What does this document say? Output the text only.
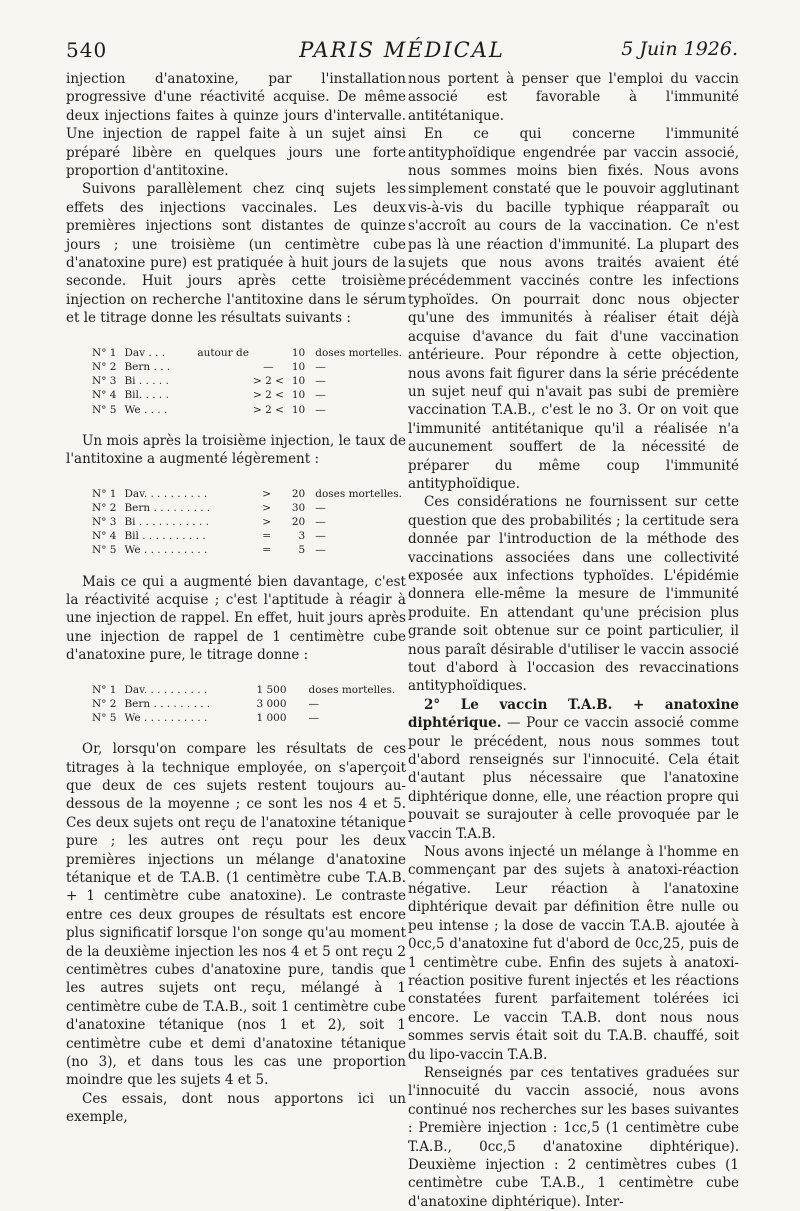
540	PARIS MÉDICAL	5 Juin 1926.

injection d'anatoxine, par l'installation progressive d'une réactivité acquise. De même deux injections faites à quinze jours d'intervalle. Une injection de rappel faite à un sujet ainsi préparé libère en quelques jours une forte proportion d'antitoxine.

Suivons parallèlement chez cinq sujets les effets des injections vaccinales. Les deux premières injections sont distantes de quinze jours ; une troisième (un centimètre cube d'anatoxine pure) est pratiquée à huit jours de la seconde. Huit jours après cette troisième injection on recherche l'antitoxine dans le sérum et le titrage donne les résultats suivants :

N° 1	Dav . . .	autour de		10	doses mortelles.
N° 2	Bern . . .		—	10	—
N° 3	Bi . . . . .		> 2 <	10	—
N° 4	Bil. . . . .		> 2 <	10	—
N° 5	We . . . .		> 2 <	10	—

Un mois après la troisième injection, le taux de l'antitoxine a augmenté légèrement :

N° 1	Dav. . . . . . . . . .	>	20	doses mortelles.
N° 2	Bern . . . . . . . . .	>	30	—
N° 3	Bi . . . . . . . . . . .	>	20	—
N° 4	Bil . . . . . . . . . .	=	3	—
N° 5	We . . . . . . . . . .	=	5	—

Mais ce qui a augmenté bien davantage, c'est la réactivité acquise ; c'est l'aptitude à réagir à une injection de rappel. En effet, huit jours après une injection de rappel de 1 centimètre cube d'anatoxine pure, le titrage donne :

N° 1	Dav. . . . . . . . . .	1 500	doses mortelles.
N° 2	Bern . . . . . . . . .	3 000	—
N° 5	We . . . . . . . . . .	1 000	—

Or, lorsqu'on compare les résultats de ces titrages à la technique employée, on s'aperçoit que deux de ces sujets restent toujours au-dessous de la moyenne ; ce sont les nos 4 et 5. Ces deux sujets ont reçu de l'anatoxine tétanique pure ; les autres ont reçu pour les deux premières injections un mélange d'anatoxine tétanique et de T.A.B. (1 centimètre cube T.A.B. + 1 centimètre cube anatoxine). Le contraste entre ces deux groupes de résultats est encore plus significatif lorsque l'on songe qu'au moment de la deuxième injection les nos 4 et 5 ont reçu 2 centimètres cubes d'anatoxine pure, tandis que les autres sujets ont reçu, mélangé à 1 centimètre cube de T.A.B., soit 1 centimètre cube d'anatoxine tétanique (nos 1 et 2), soit 1 centimètre cube et demi d'anatoxine tétanique (no 3), et dans tous les cas une proportion moindre que les sujets 4 et 5.

Ces essais, dont nous apportons ici un exemple,

nous portent à penser que l'emploi du vaccin associé est favorable à l'immunité antitétanique.

En ce qui concerne l'immunité antityphoïdique engendrée par vaccin associé, nous sommes moins bien fixés. Nous avons simplement constaté que le pouvoir agglutinant vis-à-vis du bacille typhique réapparaît ou s'accroît au cours de la vaccination. Ce n'est pas là une réaction d'immunité. La plupart des sujets que nous avons traités avaient été précédemment vaccinés contre les infections typhoïdes. On pourrait donc nous objecter qu'une des immunités à réaliser était déjà acquise d'avance du fait d'une vaccination antérieure. Pour répondre à cette objection, nous avons fait figurer dans la série précédente un sujet neuf qui n'avait pas subi de première vaccination T.A.B., c'est le no 3. Or on voit que l'immunité antitétanique qu'il a réalisée n'a aucunement souffert de la nécessité de préparer du même coup l'immunité antityphoïdique.

Ces considérations ne fournissent sur cette question que des probabilités ; la certitude sera donnée par l'introduction de la méthode des vaccinations associées dans une collectivité exposée aux infections typhoïdes. L'épidémie donnera elle-même la mesure de l'immunité produite. En attendant qu'une précision plus grande soit obtenue sur ce point particulier, il nous paraît désirable d'utiliser le vaccin associé tout d'abord à l'occasion des revaccinations antityphoïdiques.

2° Le vaccin T.A.B. + anatoxine diphtérique. — Pour ce vaccin associé comme pour le précédent, nous nous sommes tout d'abord renseignés sur l'innocuité. Cela était d'autant plus nécessaire que l'anatoxine diphtérique donne, elle, une réaction propre qui pouvait se surajouter à celle provoquée par le vaccin T.A.B.

Nous avons injecté un mélange à l'homme en commençant par des sujets à anatoxi-réaction négative. Leur réaction à l'anatoxine diphtérique devait par définition être nulle ou peu intense ; la dose de vaccin T.A.B. ajoutée à 0cc,5 d'anatoxine fut d'abord de 0cc,25, puis de 1 centimètre cube. Enfin des sujets à anatoxi-réaction positive furent injectés et les réactions constatées furent parfaitement tolérées ici encore. Le vaccin T.A.B. dont nous nous sommes servis était soit du T.A.B. chauffé, soit du lipo-vaccin T.A.B.

Renseignés par ces tentatives graduées sur l'innocuité du vaccin associé, nous avons continué nos recherches sur les bases suivantes : Première injection : 1cc,5 (1 centimètre cube T.A.B., 0cc,5 d'anatoxine diphtérique). Deuxième injection : 2 centimètres cubes (1 centimètre cube T.A.B., 1 centimètre cube d'anatoxine diphtérique). Inter-
